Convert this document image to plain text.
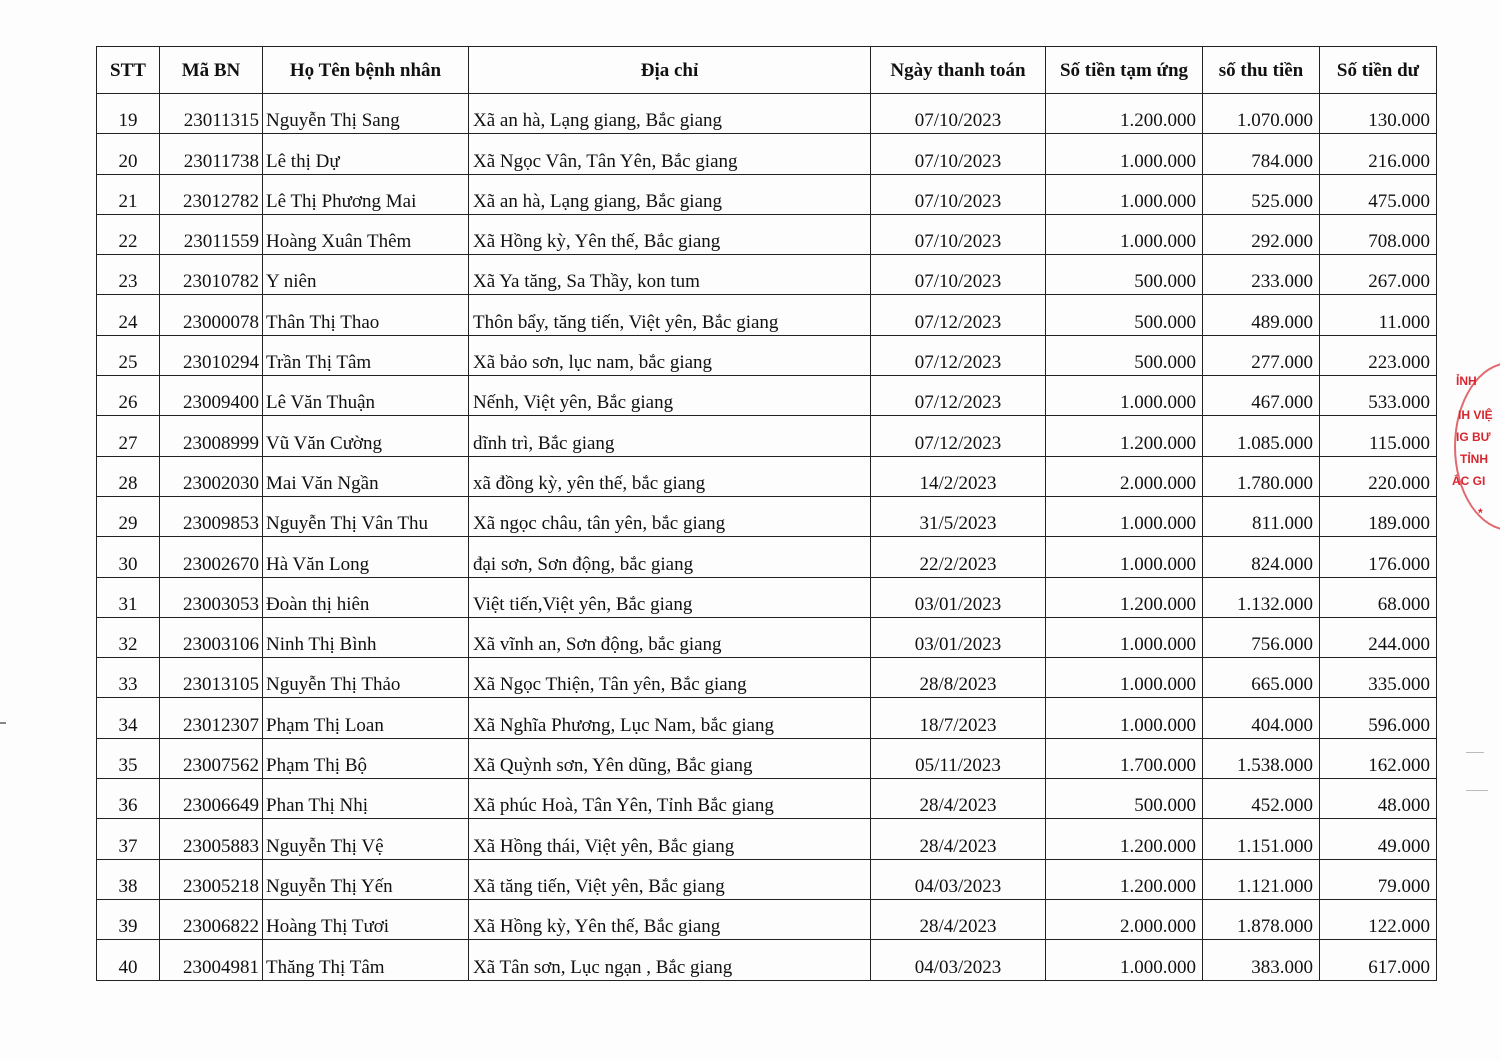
STT	Mã BN	Họ Tên bệnh nhân	Địa chỉ	Ngày thanh toán	Số tiền tạm ứng	số thu tiền	Số tiền dư
19	23011315	Nguyễn Thị Sang	Xã an hà, Lạng giang, Bắc giang	07/10/2023	1.200.000	1.070.000	130.000
20	23011738	Lê thị Dự	Xã Ngọc Vân, Tân Yên, Bắc giang	07/10/2023	1.000.000	784.000	216.000
21	23012782	Lê Thị Phương Mai	Xã an hà, Lạng giang, Bắc giang	07/10/2023	1.000.000	525.000	475.000
22	23011559	Hoàng Xuân Thêm	Xã Hồng kỳ, Yên thế, Bắc giang	07/10/2023	1.000.000	292.000	708.000
23	23010782	Y niên	Xã Ya tăng, Sa Thầy, kon tum	07/10/2023	500.000	233.000	267.000
24	23000078	Thân Thị Thao	Thôn bẩy, tăng tiến, Việt yên, Bắc giang	07/12/2023	500.000	489.000	11.000
25	23010294	Trần Thị Tâm	Xã bảo sơn, lục nam, bắc giang	07/12/2023	500.000	277.000	223.000
26	23009400	Lê Văn Thuận	Nếnh, Việt yên, Bắc giang	07/12/2023	1.000.000	467.000	533.000
27	23008999	Vũ Văn Cường	dĩnh trì, Bắc giang	07/12/2023	1.200.000	1.085.000	115.000
28	23002030	Mai Văn Ngần	xã đồng kỳ, yên thế, bắc giang	14/2/2023	2.000.000	1.780.000	220.000
29	23009853	Nguyễn Thị Vân Thu	Xã ngọc châu, tân yên, bắc giang	31/5/2023	1.000.000	811.000	189.000
30	23002670	Hà Văn Long	đại sơn, Sơn động, bắc giang	22/2/2023	1.000.000	824.000	176.000
31	23003053	Đoàn thị hiên	Việt tiến,Việt yên, Bắc giang	03/01/2023	1.200.000	1.132.000	68.000
32	23003106	Ninh Thị Bình	Xã vĩnh an, Sơn động, bắc giang	03/01/2023	1.000.000	756.000	244.000
33	23013105	Nguyễn Thị Thảo	Xã Ngọc Thiện, Tân yên, Bắc giang	28/8/2023	1.000.000	665.000	335.000
34	23012307	Phạm Thị Loan	Xã Nghĩa Phương, Lục Nam, bắc giang	18/7/2023	1.000.000	404.000	596.000
35	23007562	Phạm Thị Bộ	Xã Quỳnh sơn, Yên dũng, Bắc giang	05/11/2023	1.700.000	1.538.000	162.000
36	23006649	Phan Thị Nhị	Xã phúc Hoà, Tân Yên, Tỉnh Bắc giang	28/4/2023	500.000	452.000	48.000
37	23005883	Nguyễn Thị Vệ	Xã Hồng thái, Việt yên, Bắc giang	28/4/2023	1.200.000	1.151.000	49.000
38	23005218	Nguyễn Thị Yến	Xã tăng tiến, Việt yên, Bắc giang	04/03/2023	1.200.000	1.121.000	79.000
39	23006822	Hoàng Thị Tươi	Xã Hồng kỳ, Yên thế, Bắc giang	28/4/2023	2.000.000	1.878.000	122.000
40	23004981	Thăng Thị Tâm	Xã Tân sơn, Lục ngạn , Bắc giang	04/03/2023	1.000.000	383.000	617.000
ỈNH
IH VIỆ
IG BƯ
TỈNH
ẮC GI
*
